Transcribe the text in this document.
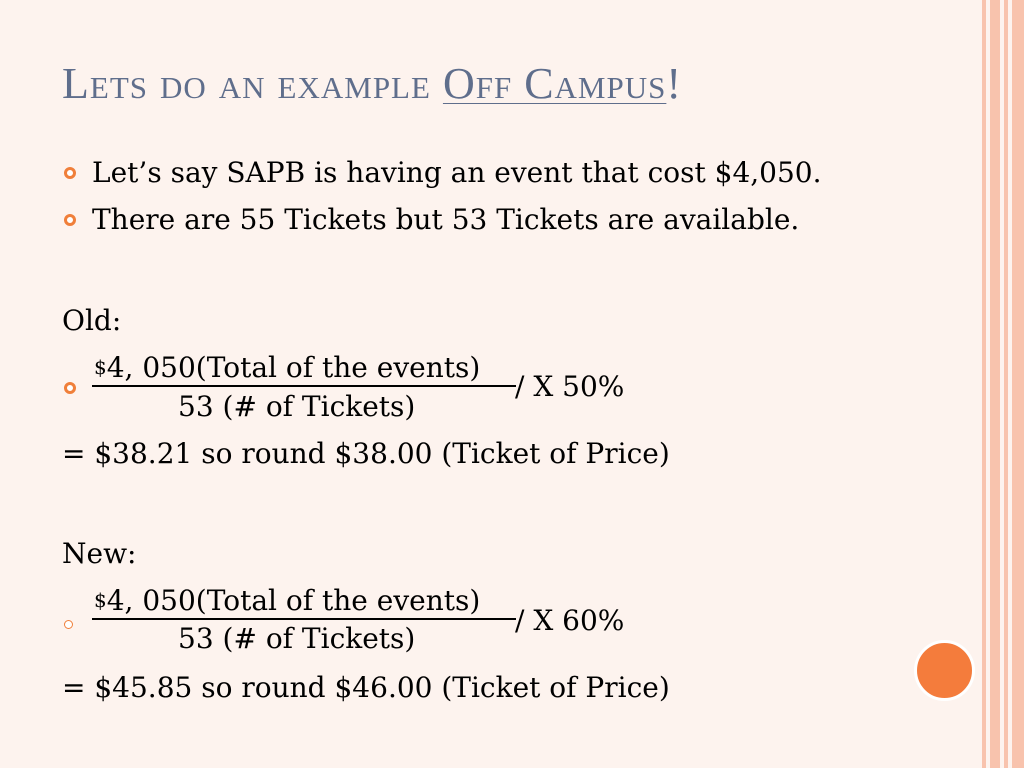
Lets do an example Off Campus!
Let’s say SAPB is having an event that cost $4,050.
There are 55 Tickets but 53 Tickets are available.
Old:
$4, 050(Total of the events)
53 (# of Tickets)
/ X 50%
= $38.21 so round $38.00 (Ticket of Price)
New:
$4, 050(Total of the events)
53 (# of Tickets)
/ X 60%
= $45.85 so round $46.00 (Ticket of Price)
